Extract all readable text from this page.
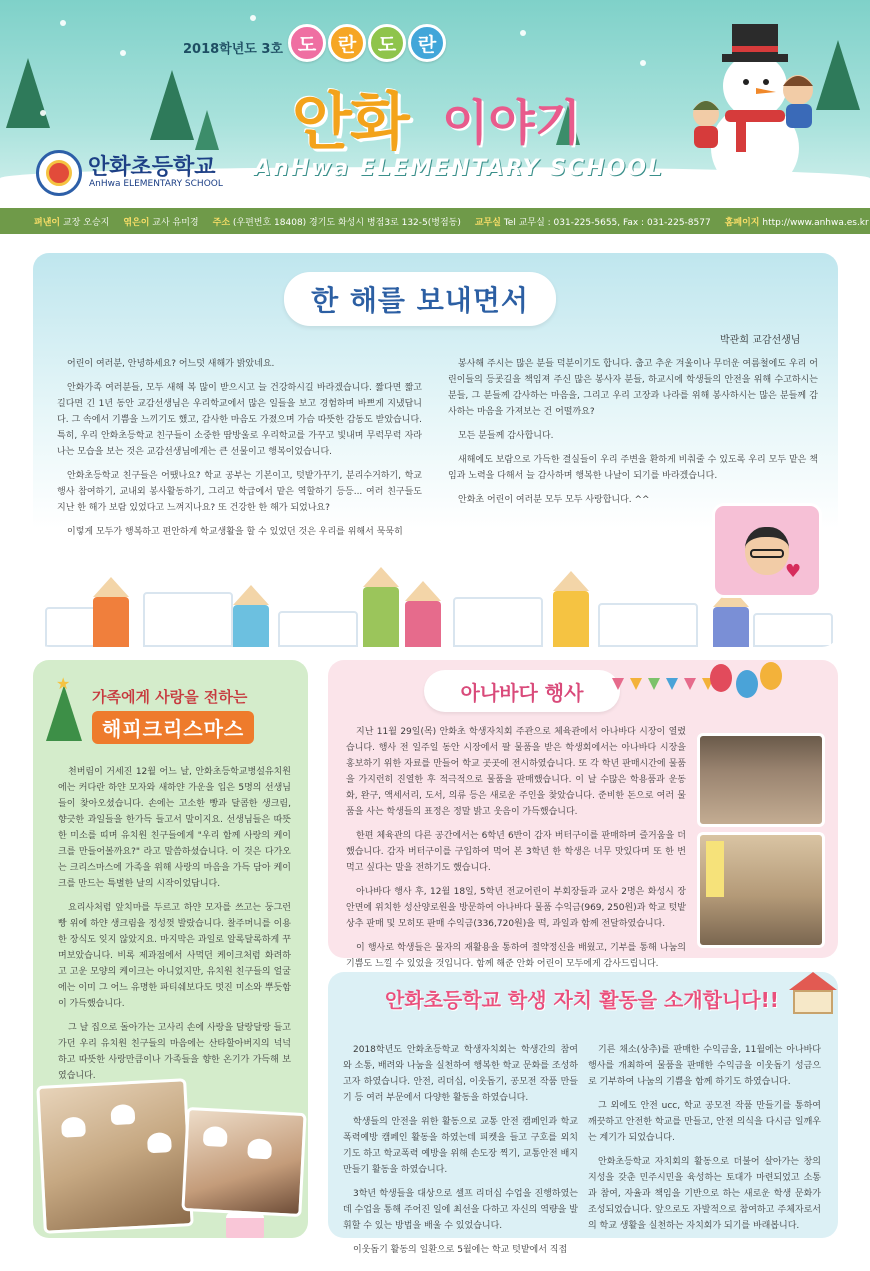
2018학년도 3호 도	란	도	란
안화 이야기
AnHwa ELEMENTARY SCHOOL
안화초등학교
AnHwa ELEMENTARY SCHOOL
펴낸이 교장 오승지 엮은이 교사 유미경 주소 (우편번호 18408) 경기도 화성시 병점3로 132-5(병점동) 교무실 Tel 교무실 : 031-225-5655, Fax : 031-225-8577 홈페이지 http://www.anhwa.es.kr
한 해를 보내면서
박관희 교감선생님

어린이 여러분, 안녕하세요? 어느덧 새해가 밝았네요.

안화가족 여러분들, 모두 새해 복 많이 받으시고 늘 건강하시길 바라겠습니다. 짧다면 짧고 길다면 긴 1년 동안 교감선생님은 우리학교에서 많은 일들을 보고 경험하며 바쁘게 지냈답니다. 그 속에서 기쁨을 느끼기도 했고, 감사한 마음도 가졌으며 가슴 따뜻한 감동도 받았습니다. 특히, 우리 안화초등학교 친구들이 소중한 땀방울로 우리학교를 가꾸고 빛내며 무럭무럭 자라나는 모습을 보는 것은 교감선생님에게는 큰 선물이고 행복이었습니다.

안화초등학교 친구들은 어땠나요? 학교 공부는 기본이고, 텃밭가꾸기, 분리수거하기, 학교 행사 참여하기, 교내외 봉사활동하기, 그리고 학급에서 맡은 역할하기 등등... 여러 친구들도 지난 한 해가 보람 있었다고 느껴지나요? 또 건강한 한 해가 되었나요?

이렇게 모두가 행복하고 편안하게 학교생활을 할 수 있었던 것은 우리를 위해서 묵묵히

봉사해 주시는 많은 분들 덕분이기도 합니다. 춥고 추운 겨울이나 무더운 여름철에도 우리 어린이들의 등굣길을 책임져 주신 많은 봉사자 분들, 하교시에 학생들의 안전을 위해 수고하시는 분들, 그 분들께 감사하는 마음을, 그리고 우리 고장과 나라를 위해 봉사하시는 많은 분들께 감사하는 마음을 가져보는 건 어떨까요?

모든 분들께 감사합니다.

새해에도 보람으로 가득한 결실들이 우리 주변을 환하게 비춰줄 수 있도록 우리 모두 맡은 책임과 노력을 다해서 늘 감사하며 행복한 나날이 되기를 바라겠습니다.

안화초 어린이 여러분 모두 모두 사랑합니다. ^^

♥
★
가족에게 사랑을 전하는
해피크리스마스

천버림이 거세진 12월 어느 날, 안화초등학교병설유치원에는 커다란 하얀 모자와 새하얀 가운을 입은 5명의 선생님들이 찾아오셨습니다. 손에는 고소한 빵과 달콤한 생크림, 향긋한 과일들을 한가득 들고서 말이지요. 선생님들은 따뜻한 미소를 띠며 유치원 친구들에게 "우리 함께 사랑의 케이크를 만들어볼까요?" 라고 말씀하셨습니다. 이 것은 다가오는 크리스마스에 가족을 위해 사랑의 마음을 가득 담아 케이크를 만드는 특별한 날의 시작이었답니다.

요리사처럼 앞치마를 두르고 하얀 모자를 쓰고는 둥그런 빵 위에 하얀 생크림을 정성껏 발랐습니다. 찰주머니를 이용한 장식도 잊지 않았지요. 마지막은 과일로 알록달록하게 꾸며보았습니다. 비록 제과점에서 사먹던 케이크처럼 화려하고 고운 모양의 케이크는 아니었지만, 유치원 친구들의 얼굴에는 이미 그 어느 유명한 파티쉐보다도 멋진 미소와 뿌듯함이 가득했습니다.

그 날 집으로 돌아가는 고사리 손에 사랑을 달랑달랑 들고 가던 우리 유치원 친구들의 마음에는 산타할아버지의 넉넉하고 따뜻한 사랑만큼이나 가족들을 향한 온기가 가득해 보였습니다.

아나바다 행사

지난 11월 29일(목) 안화초 학생자치회 주관으로 체육관에서 아나바다 시장이 열렸습니다. 행사 전 일주일 동안 시장에서 팔 물품을 받은 학생회에서는 아나바다 시장을 홍보하기 위한 자료를 만들어 학교 곳곳에 전시하였습니다. 또 각 학년 판매시간에 물품을 가지런히 진열한 후 적극적으로 물품을 판매했습니다. 이 날 수많은 학용품과 운동화, 완구, 액세서리, 도서, 의류 등은 새로운 주인을 찾았습니다. 준비한 돈으로 여러 물품을 사는 학생들의 표정은 정말 밝고 웃음이 가득했습니다.

한편 체육관의 다른 공간에서는 6학년 6반이 감자 버터구이를 판매하며 즐거움을 더했습니다. 감자 버터구이를 구입하여 먹어 본 3학년 한 학생은 너무 맛있다며 또 한 번 먹고 싶다는 말을 전하기도 했습니다.

아나바다 행사 후, 12월 18일, 5학년 전교어린이 부회장들과 교사 2명은 화성시 장안면에 위치한 성산양로원을 방문하여 아나바다 물품 수익금(969, 250원)과 학교 텃밭 상추 판매 및 모히또 판매 수익금(336,720원)을 떡, 과일과 함께 전달하였습니다.

이 행사로 학생들은 물자의 재활용을 통하여 절약정신을 배웠고, 기부를 통해 나눔의 기쁨도 느낄 수 있었을 것입니다. 함께 해준 안화 어린이 모두에게 감사드립니다.

안화초등학교 학생 자치 활동을 소개합니다!!

2018학년도 안화초등학교 학생자치회는 학생간의 참여와 소통, 배려와 나눔을 실천하여 행복한 학교 문화를 조성하고자 하였습니다. 안전, 리더십, 이웃돕기, 공모전 작품 만들기 등 여러 부문에서 다양한 활동을 하였습니다.

학생들의 안전을 위한 활동으로 교통 안전 캠페인과 학교폭력예방 캠페인 활동을 하였는데 피켓을 들고 구호를 외치기도 하고 학교폭력 예방을 위해 손도장 찍기, 교통안전 배지 만들기 활동을 하였습니다.

3학년 학생들을 대상으로 셀프 리더십 수업을 진행하였는데 수업을 통해 주어진 일에 최선을 다하고 자신의 역량을 발휘할 수 있는 방법을 배울 수 있었습니다.

이웃돕기 활동의 일환으로 5월에는 학교 텃밭에서 직접

기른 채소(상추)를 판매한 수익금을, 11월에는 아나바다 행사를 개최하여 물품을 판매한 수익금을 이웃돕기 성금으로 기부하여 나눔의 기쁨을 함께 하기도 하였습니다.

그 외에도 안전 ucc, 학교 공모전 작품 만들기를 통하여 깨끗하고 안전한 학교를 만들고, 안전 의식을 다시금 일깨우는 계기가 되었습니다.

안화초등학교 자치회의 활동으로 더불어 살아가는 창의 지성을 갖춘 민주시민을 육성하는 토대가 마련되었고 소통과 참여, 자율과 책임을 기반으로 하는 새로운 학생 문화가 조성되었습니다. 앞으로도 자발적으로 참여하고 주체자로서의 학교 생활을 실천하는 자치회가 되기를 바래봅니다.
